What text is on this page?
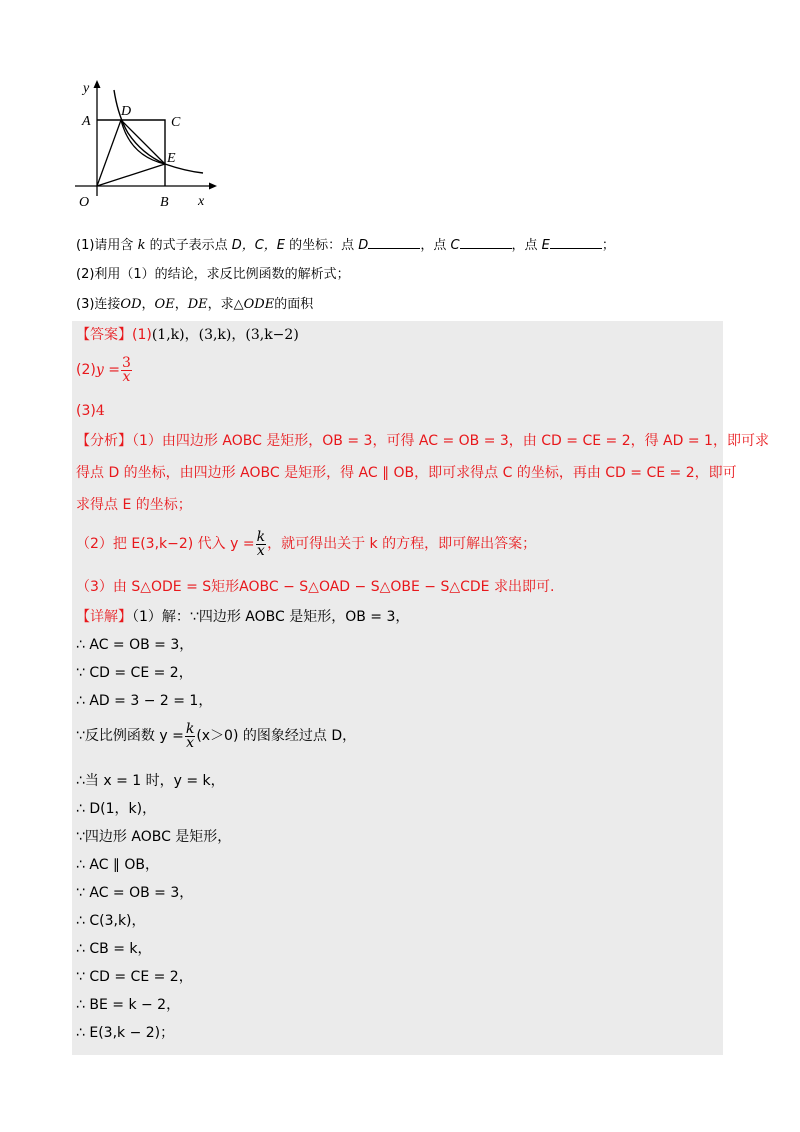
y
A
D
C
E
O	B x
(1)请用含 k 的式子表示点 D，C，E 的坐标：点 D	，点 C	，点 E	；
(2)利用（1）的结论，求反比例函数的解析式；
(3)连接OD，OE，DE，求△ODE的面积
【答案】(1)(1,k)，(3,k)，(3,k−2)
$(2)y = \frac{3}{x}$
(3)4
【分析】（1）由四边形 AOBC 是矩形，OB = 3，可得 AC = OB = 3，由 CD = CE = 2，得 AD = 1，即可求
得点 D 的坐标，由四边形 AOBC 是矩形，得 AC ∥ OB，即可求得点 C 的坐标，再由 CD = CE = 2，即可
求得点 E 的坐标；
（2）把 E(3,k−2) 代入 $y = \frac{k}{x}$ ，就可得出关于 k 的方程，即可解出答案；
（3）由 S△ODE = S矩形AOBC − S△OAD − S△OBE − S△CDE 求出即可.
【详解】（1）解：∵四边形 AOBC 是矩形，OB = 3，
∴ AC = OB = 3，
∵ CD = CE = 2，
∴ AD = 3 − 2 = 1，
∵反比例函数 $y = \frac{k}{x} (x>0)$ 的图象经过点 D，
∴当 x = 1 时，y = k，
∴ D(1，k)，
∵四边形 AOBC 是矩形，
∴ AC ∥ OB，
∵ AC = OB = 3，
∴ C(3,k)，
∴ CB = k，
∵ CD = CE = 2，
∴ BE = k − 2，
∴ E(3,k − 2)；
